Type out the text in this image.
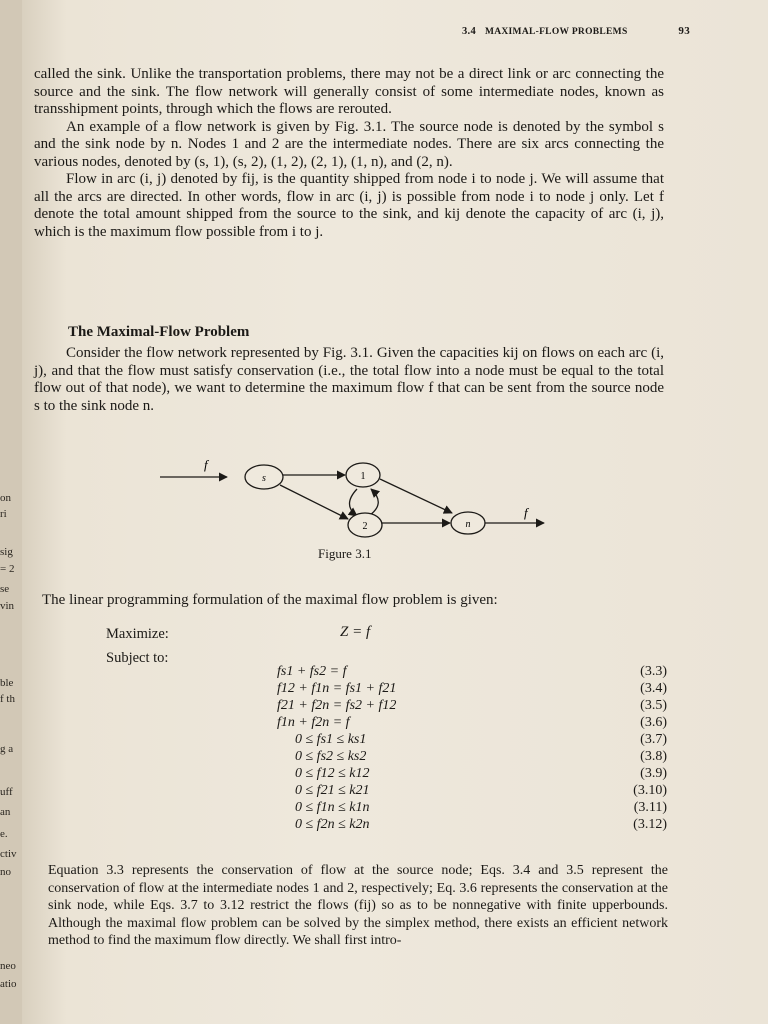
on
ri
sig
= 2
se
vin
ble
f th
g a
uff
an
e.
ctiv
no
neo
atio
3.4 MAXIMAL-FLOW PROBLEMS	93

called the sink. Unlike the transportation problems, there may not be a direct link or arc connecting the source and the sink. The flow network will generally consist of some intermediate nodes, known as transshipment points, through which the flows are rerouted.

An example of a flow network is given by Fig. 3.1. The source node is denoted by the symbol s and the sink node by n. Nodes 1 and 2 are the intermediate nodes. There are six arcs connecting the various nodes, denoted by (s, 1), (s, 2), (1, 2), (2, 1), (1, n), and (2, n).

Flow in arc (i, j) denoted by fij, is the quantity shipped from node i to node j. We will assume that all the arcs are directed. In other words, flow in arc (i, j) is possible from node i to node j only. Let f denote the total amount shipped from the source to the sink, and kij denote the capacity of arc (i, j), which is the maximum flow possible from i to j.

The Maximal-Flow Problem

Consider the flow network represented by Fig. 3.1. Given the capacities kij on flows on each arc (i, j), and that the flow must satisfy conservation (i.e., the total flow into a node must be equal to the total flow out of that node), we want to determine the maximum flow f that can be sent from the source node s to the sink node n.

s	1
2	n
f
f
Figure 3.1
The linear programming formulation of the maximal flow problem is given:
Maximize:	Z = f
Subject to:
fs1 + fs2 = f	(3.3)
f12 + f1n = fs1 + f21	(3.4)
f21 + f2n = fs2 + f12	(3.5)
f1n + f2n = f	(3.6)
0 ≤ fs1 ≤ ks1	(3.7)
0 ≤ fs2 ≤ ks2	(3.8)
0 ≤ f12 ≤ k12	(3.9)
0 ≤ f21 ≤ k21	(3.10)
0 ≤ f1n ≤ k1n	(3.11)
0 ≤ f2n ≤ k2n	(3.12)

Equation 3.3 represents the conservation of flow at the source node; Eqs. 3.4 and 3.5 represent the conservation of flow at the intermediate nodes 1 and 2, respectively; Eq. 3.6 represents the conservation at the sink node, while Eqs. 3.7 to 3.12 restrict the flows (fij) so as to be nonnegative with finite upperbounds. Although the maximal flow problem can be solved by the simplex method, there exists an efficient network method to find the maximum flow directly. We shall first intro-
